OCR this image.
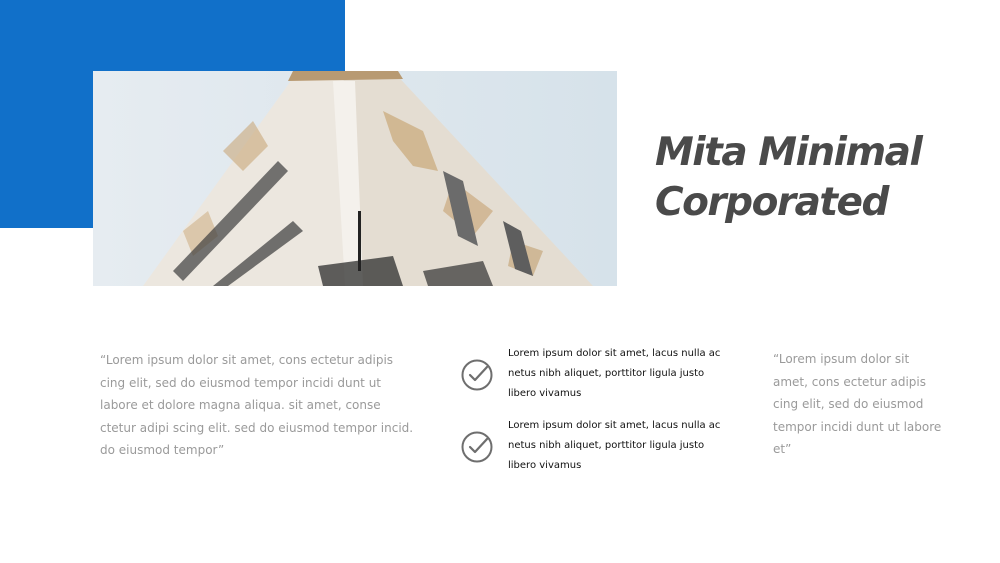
Mita Minimal
Corporated
“Lorem ipsum dolor sit amet, cons ectetur adipis cing elit, sed do eiusmod tempor incidi dunt ut labore et dolore magna aliqua. sit amet, conse ctetur adipi scing elit. sed do eiusmod tempor incid. do eiusmod tempor”
Lorem ipsum dolor sit amet, lacus nulla ac netus nibh aliquet, porttitor ligula justo libero vivamus
Lorem ipsum dolor sit amet, lacus nulla ac netus nibh aliquet, porttitor ligula justo libero vivamus
“Lorem ipsum dolor sit amet, cons ectetur adipis cing elit, sed do eiusmod tempor incidi dunt ut labore et”
